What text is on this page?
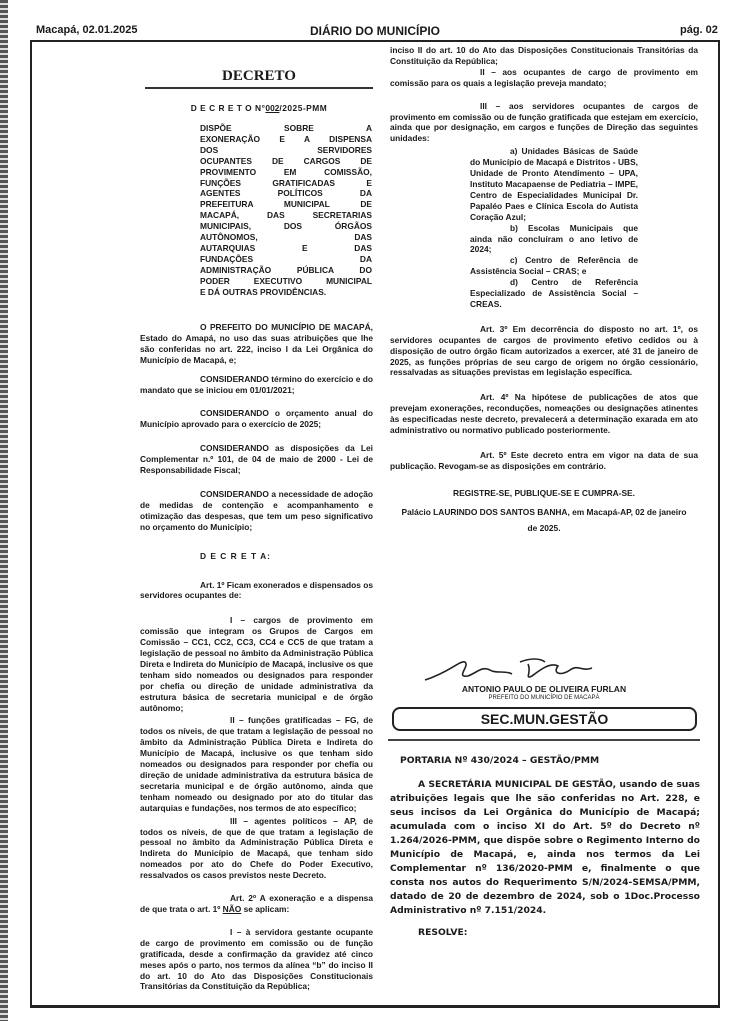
Macapá, 02.01.2025	DIÁRIO DO MUNICÍPIO	pág. 02
DECRETO
D E C R E T O N°002/2025-PMM
DISPÕE SOBRE A
EXONERAÇÃO E A DISPENSA
DOS SERVIDORES
OCUPANTES DE CARGOS DE
PROVIMENTO EM COMISSÃO,
FUNÇÕES GRATIFICADAS E
AGENTES POLÍTICOS DA
PREFEITURA MUNICIPAL DE
MACAPÁ, DAS SECRETARIAS
MUNICIPAIS, DOS ÓRGÃOS
AUTÔNOMOS, DAS
AUTARQUIAS E DAS
FUNDAÇÕES DA
ADMINISTRAÇÃO PÚBLICA DO
PODER EXECUTIVO MUNICIPAL
E DÁ OUTRAS PROVIDÊNCIAS.

O PREFEITO DO MUNICÍPIO DE MACAPÁ, Estado do Amapá, no uso das suas atribuições que lhe são conferidas no art. 222, inciso I da Lei Orgânica do Município de Macapá, e;

CONSIDERANDO término do exercício e do mandato que se iniciou em 01/01/2021;

CONSIDERANDO o orçamento anual do Município aprovado para o exercício de 2025;

CONSIDERANDO as disposições da Lei Complementar n.º 101, de 04 de maio de 2000 - Lei de Responsabilidade Fiscal;

CONSIDERANDO a necessidade de adoção de medidas de contenção e acompanhamento e otimização das despesas, que tem um peso significativo no orçamento do Município;

D E C R E T A:

Art. 1º Ficam exonerados e dispensados os servidores ocupantes de:

I – cargos de provimento em comissão que integram os Grupos de Cargos em Comissão – CC1, CC2, CC3, CC4 e CC5 de que tratam a legislação de pessoal no âmbito da Administração Pública Direta e Indireta do Município de Macapá, inclusive os que tenham sido nomeados ou designados para responder por chefia ou direção de unidade administrativa da estrutura básica de secretaria municipal e de órgão autônomo;

II – funções gratificadas – FG, de todos os níveis, de que tratam a legislação de pessoal no âmbito da Administração Pública Direta e Indireta do Município de Macapá, inclusive os que tenham sido nomeados ou designados para responder por chefia ou direção de unidade administrativa da estrutura básica de secretaria municipal e de órgão autônomo, ainda que tenham nomeado ou designado por ato do titular das autarquias e fundações, nos termos de ato específico;

III – agentes políticos – AP, de todos os níveis, de que de que tratam a legislação de pessoal no âmbito da Administração Pública Direta e Indireta do Município de Macapá, que tenham sido nomeados por ato do Chefe do Poder Executivo, ressalvados os casos previstos neste Decreto.

Art. 2º A exoneração e a dispensa de que trata o art. 1º NÃO se aplicam:

I – à servidora gestante ocupante de cargo de provimento em comissão ou de função gratificada, desde a confirmação da gravidez até cinco meses após o parto, nos termos da alínea “b” do inciso II do art. 10 do Ato das Disposições Constitucionais Transitórias da Constituição da República;

inciso II do art. 10 do Ato das Disposições Constitucionais Transitórias da Constituição da República;

II – aos ocupantes de cargo de provimento em comissão para os quais a legislação preveja mandato;

III – aos servidores ocupantes de cargos de provimento em comissão ou de função gratificada que estejam em exercício, ainda que por designação, em cargos e funções de Direção das seguintes unidades:

a) Unidades Básicas de Saúde do Município de Macapá e Distritos - UBS, Unidade de Pronto Atendimento – UPA, Instituto Macapaense de Pediatria – IMPE, Centro de Especialidades Municipal Dr. Papaléo Paes e Clínica Escola do Autista Coração Azul;

b) Escolas Municipais que ainda não concluíram o ano letivo de 2024;

c) Centro de Referência de Assistência Social – CRAS; e

d) Centro de Referência Especializado de Assistência Social – CREAS.

Art. 3º Em decorrência do disposto no art. 1º, os servidores ocupantes de cargos de provimento efetivo cedidos ou à disposição de outro órgão ficam autorizados a exercer, até 31 de janeiro de 2025, as funções próprias de seu cargo de origem no órgão cessionário, ressalvadas as situações previstas em legislação específica.

Art. 4º Na hipótese de publicações de atos que prevejam exonerações, reconduções, nomeações ou designações atinentes às especificadas neste decreto, prevalecerá a determinação exarada em ato administrativo ou normativo publicado posteriormente.

Art. 5º Este decreto entra em vigor na data de sua publicação. Revogam-se as disposições em contrário.

REGISTRE-SE, PUBLIQUE-SE E CUMPRA-SE.

Palácio LAURINDO DOS SANTOS BANHA, em Macapá-AP, 02 de janeiro de 2025.

ANTONIO PAULO DE OLIVEIRA FURLAN
PREFEITO DO MUNICÍPIO DE MACAPÁ
SEC.MUN.GESTÃO
PORTARIA Nº 430/2024 – GESTÃO/PMM
A SECRETÁRIA MUNICIPAL DE GESTÃO, usando de suas atribuições legais que lhe são conferidas no Art. 228, e seus incisos da Lei Orgânica do Município de Macapá; acumulada com o inciso XI do Art. 5º do Decreto nº 1.264/2026-PMM, que dispõe sobre o Regimento Interno do Município de Macapá, e, ainda nos termos da Lei Complementar nº 136/2020-PMM e, finalmente o que consta nos autos do Requerimento S/N/2024-SEMSA/PMM, datado de 20 de dezembro de 2024, sob o 1Doc.Processo Administrativo nº 7.151/2024.
RESOLVE:
